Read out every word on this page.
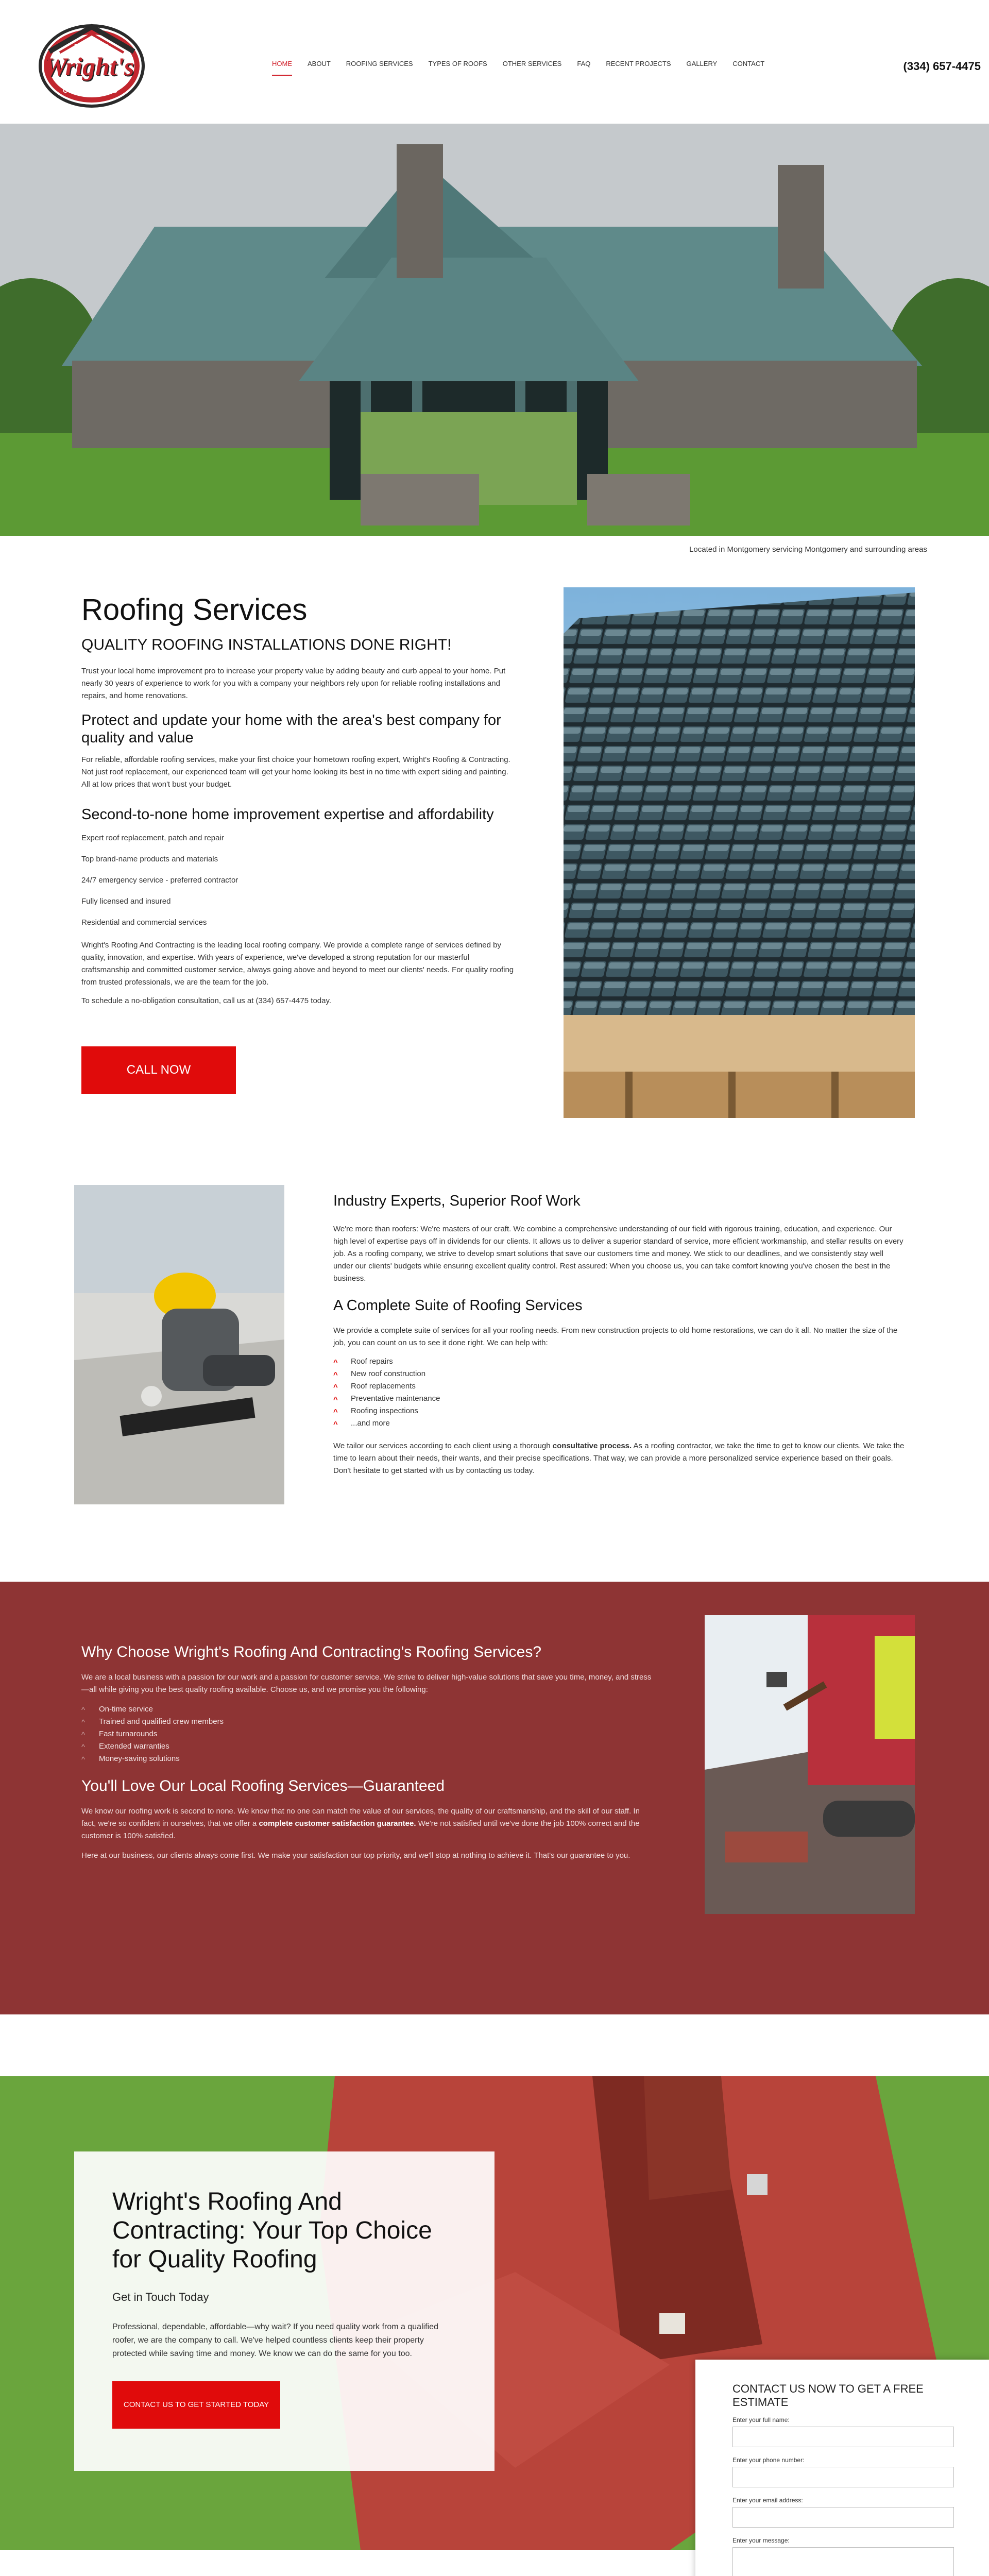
ROOFING
Wright's
CONTRACTING
HOME ABOUT ROOFING SERVICES TYPES OF ROOFS OTHER SERVICES FAQ RECENT PROJECTS GALLERY CONTACT	(334) 657-4475
Located in Montgomery servicing Montgomery and surrounding areas
Roofing Services
QUALITY ROOFING INSTALLATIONS DONE RIGHT!

Trust your local home improvement pro to increase your property value by adding beauty and curb appeal to your home. Put nearly 30 years of experience to work for you with a company your neighbors rely upon for reliable roofing installations and repairs, and home renovations.

Protect and update your home with the area's best company for quality and value

For reliable, affordable roofing services, make your first choice your hometown roofing expert, Wright's Roofing & Contracting. Not just roof replacement, our experienced team will get your home looking its best in no time with expert siding and painting. All at low prices that won't bust your budget.

Second-to-none home improvement expertise and affordability
Expert roof replacement, patch and repair
Top brand-name products and materials
24/7 emergency service - preferred contractor
Fully licensed and insured
Residential and commercial services

Wright's Roofing And Contracting is the leading local roofing company. We provide a complete range of services defined by quality, innovation, and expertise. With years of experience, we've developed a strong reputation for our masterful craftsmanship and committed customer service, always going above and beyond to meet our clients' needs. For quality roofing from trusted professionals, we are the team for the job.

To schedule a no-obligation consultation, call us at (334) 657-4475 today.

CALL NOW
Industry Experts, Superior Roof Work

We're more than roofers: We're masters of our craft. We combine a comprehensive understanding of our field with rigorous training, education, and experience. Our high level of expertise pays off in dividends for our clients. It allows us to deliver a superior standard of service, more efficient workmanship, and stellar results on every job. As a roofing company, we strive to develop smart solutions that save our customers time and money. We stick to our deadlines, and we consistently stay well under our clients' budgets while ensuring excellent quality control. Rest assured: When you choose us, you can take comfort knowing you've chosen the best in the business.

A Complete Suite of Roofing Services

We provide a complete suite of services for all your roofing needs. From new construction projects to old home restorations, we can do it all. No matter the size of the job, you can count on us to see it done right. We can help with:

^ Roof repairs
^ New roof construction
^ Roof replacements
^ Preventative maintenance
^ Roofing inspections
^ ...and more

We tailor our services according to each client using a thorough consultative process. As a roofing contractor, we take the time to get to know our clients. We take the time to learn about their needs, their wants, and their precise specifications. That way, we can provide a more personalized service experience based on their goals. Don't hesitate to get started with us by contacting us today.

Why Choose Wright's Roofing And Contracting's Roofing Services?

We are a local business with a passion for our work and a passion for customer service. We strive to deliver high-value solutions that save you time, money, and stress—all while giving you the best quality roofing available. Choose us, and we promise you the following:

^ On-time service
^ Trained and qualified crew members
^ Fast turnarounds
^ Extended warranties
^ Money-saving solutions
You'll Love Our Local Roofing Services—Guaranteed

We know our roofing work is second to none. We know that no one can match the value of our services, the quality of our craftsmanship, and the skill of our staff. In fact, we're so confident in ourselves, that we offer a complete customer satisfaction guarantee. We're not satisfied until we've done the job 100% correct and the customer is 100% satisfied.

Here at our business, our clients always come first. We make your satisfaction our top priority, and we'll stop at nothing to achieve it. That's our guarantee to you.

Wright's Roofing And Contracting: Your Top Choice for Quality Roofing
Get in Touch Today

Professional, dependable, affordable—why wait? If you need quality work from a qualified roofer, we are the company to call. We've helped countless clients keep their property protected while saving time and money. We know we can do the same for you too.

CONTACT US TO GET STARTED TODAY
CONTACT US NOW TO GET A FREE ESTIMATE
Enter your full name:
Enter your phone number:
Enter your email address:
Enter your message:
